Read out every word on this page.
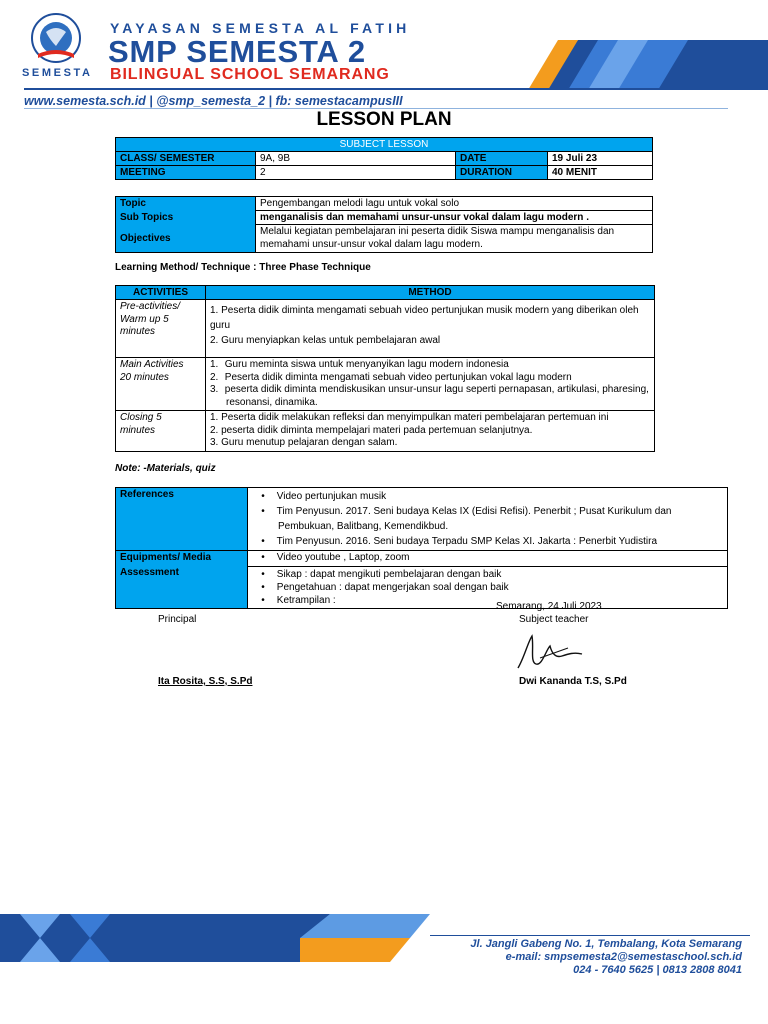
SEMESTA
YAYASAN SEMESTA AL FATIH
SMP SEMESTA 2
BILINGUAL SCHOOL SEMARANG
www.semesta.sch.id | @smp_semesta_2 | fb: semestacampusIII
LESSON PLAN
SUBJECT LESSON			
CLASS/ SEMESTER	9A, 9B	DATE	19 Juli 23
MEETING	2	DURATION	40 MENIT
Topic	Pengembangan melodi lagu untuk vokal solo
Sub Topics	menganalisis dan memahami unsur-unsur vokal dalam lagu modern .
Objectives	Melalui kegiatan pembelajaran ini peserta didik Siswa mampu menganalisis dan
memahami unsur-unsur vokal dalam lagu modern.
Learning Method/ Technique : Three Phase Technique
ACTIVITIES	METHOD

Pre-activities/
Warm up 5
minutes	1. Peserta didik diminta mengamati sebuah video pertunjukan musik modern yang diberikan oleh
guru
2. Guru menyiapkan kelas untuk pembelajaran awal

Main Activities
20 minutes	1. Guru meminta siswa untuk menyanyikan lagu modern indonesia
2. Peserta didik diminta mengamati sebuah video pertunjukan vokal lagu modern
3. peserta didik diminta mendiskusikan unsur-unsur lagu seperti pernapasan, artikulasi, pharesing,
resonansi, dinamika.

Closing 5
minutes	1. Peserta didik melakukan refleksi dan menyimpulkan materi pembelajaran pertemuan ini
2. peserta didik diminta mempelajari materi pada pertemuan selanjutnya.
3. Guru menutup pelajaran dengan salam.
Note: -Materials, quiz
References	• Video pertunjukan musik
• Tim Penyusun. 2017. Seni budaya Kelas IX (Edisi Refisi). Penerbit ; Pusat Kurikulum dan
Pembukuan, Balitbang, Kemendikbud.
• Tim Penyusun. 2016. Seni budaya Terpadu SMP Kelas XI. Jakarta : Penerbit Yudistira

Equipments/ Media	• Video youtube , Laptop, zoom

Assessment	• Sikap : dapat mengikuti pembelajaran dengan baik
• Pengetahuan : dapat mengerjakan soal dengan baik
• Ketrampilan :
Semarang, 24 Juli 2023
Principal	Subject teacher
Ita Rosita, S.S, S.Pd	Dwi Kananda T.S, S.Pd
Jl. Jangli Gabeng No. 1, Tembalang, Kota Semarang
e-mail: smpsemesta2@semestaschool.sch.id
024 - 7640 5625 | 0813 2808 8041
